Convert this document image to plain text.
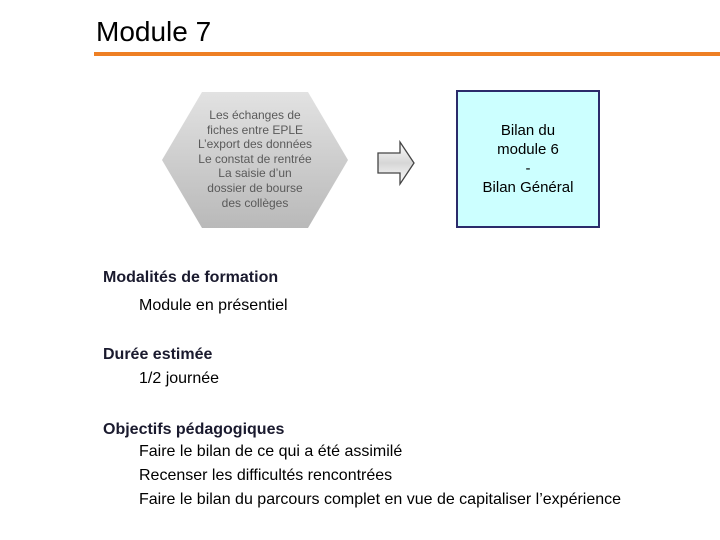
Module 7
Les échanges de
fiches entre EPLE
L’export des données
Le constat de rentrée
La saisie d’un
dossier de bourse
des collèges
Bilan du
module 6
-
Bilan Général
Modalités de formation
Module en présentiel
Durée estimée
1/2 journée
Objectifs pédagogiques
Faire le bilan de ce qui a été assimilé
Recenser les difficultés rencontrées
Faire le bilan du parcours complet en vue de capitaliser l’expérience
